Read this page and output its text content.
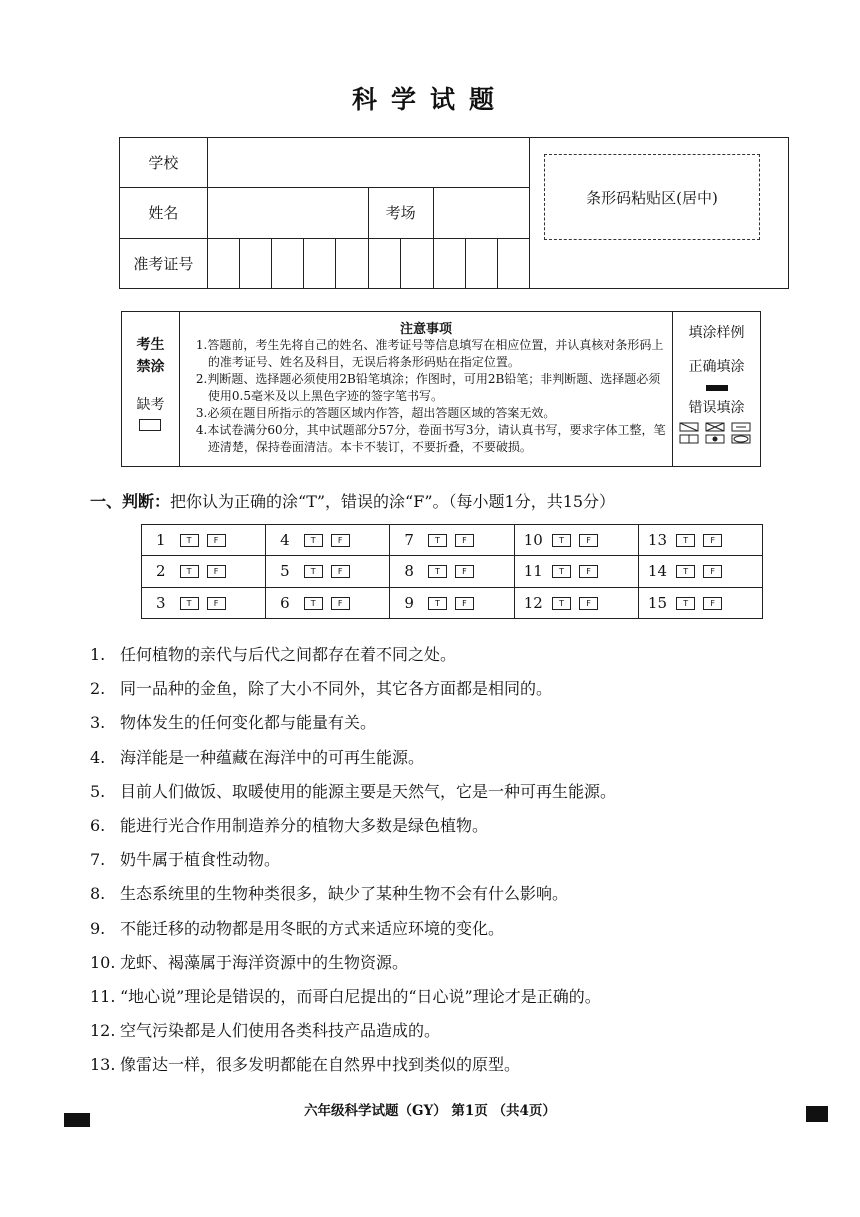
科学试题
学校											
姓名						考场					
准考证号											
条形码粘贴区(居中)
考生
禁涂
缺考

注意事项
1.答题前，考生先将自己的姓名、准考证号等信息填写在相应位置，并认真核对条形码上的准考证号、姓名及科目，无误后将条形码贴在指定位置。
2.判断题、选择题必须使用2B铅笔填涂；作图时，可用2B铅笔；非判断题、选择题必须使用0.5毫米及以上黑色字迹的签字笔书写。
3.必须在题目所指示的答题区域内作答，超出答题区域的答案无效。
4.本试卷满分60分，其中试题部分57分，卷面书写3分，请认真书写，要求字体工整，笔迹清楚，保持卷面清洁。本卡不装订，不要折叠，不要破损。

填涂样例
正确填涂
错误填涂
一、判断：把你认为正确的涂“T”，错误的涂“F”。（每小题1分，共15分）
1	T F	4	T F	7	T F	10	T F	13	T F
2	T F	5	T F	8	T F	11	T F	14	T F
3	T F	6	T F	9	T F	12	T F	15	T F
1. 任何植物的亲代与后代之间都存在着不同之处。
2. 同一品种的金鱼，除了大小不同外，其它各方面都是相同的。
3. 物体发生的任何变化都与能量有关。
4. 海洋能是一种蕴藏在海洋中的可再生能源。
5. 目前人们做饭、取暖使用的能源主要是天然气，它是一种可再生能源。
6. 能进行光合作用制造养分的植物大多数是绿色植物。
7. 奶牛属于植食性动物。
8. 生态系统里的生物种类很多，缺少了某种生物不会有什么影响。
9. 不能迁移的动物都是用冬眠的方式来适应环境的变化。
10. 龙虾、褐藻属于海洋资源中的生物资源。
11. “地心说”理论是错误的，而哥白尼提出的“日心说”理论才是正确的。
12. 空气污染都是人们使用各类科技产品造成的。
13. 像雷达一样，很多发明都能在自然界中找到类似的原型。
六年级科学试题（GY） 第1页 （共4页）
